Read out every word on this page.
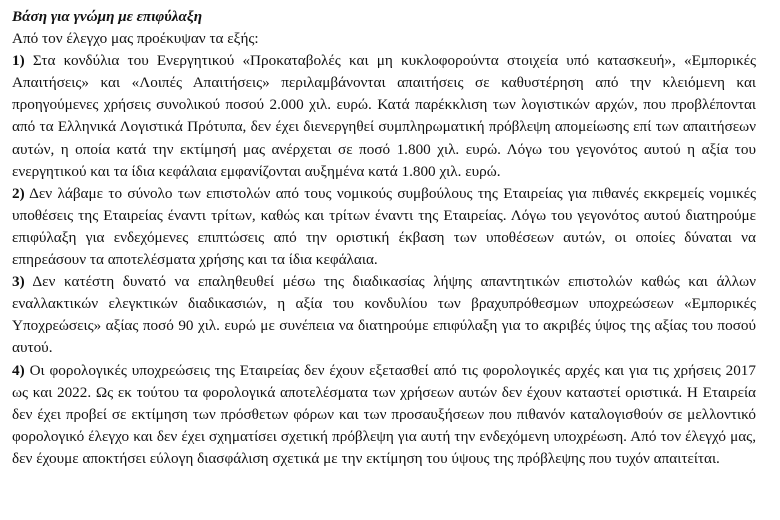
Βάση για γνώμη με επιφύλαξη
Από τον έλεγχο μας προέκυψαν τα εξής:

1) Στα κονδύλια του Ενεργητικού «Προκαταβολές και μη κυκλοφορούντα στοιχεία υπό κατασκευή», «Εμπορικές Απαιτήσεις» και «Λοιπές Απαιτήσεις» περιλαμβάνονται απαιτήσεις σε καθυστέρηση από την κλειόμενη και προηγούμενες χρήσεις συνολικού ποσού 2.000 χιλ. ευρώ. Κατά παρέκκλιση των λογιστικών αρχών, που προβλέπονται από τα Ελληνικά Λογιστικά Πρότυπα, δεν έχει διενεργηθεί συμπληρωματική πρόβλεψη απομείωσης επί των απαιτήσεων αυτών, η οποία κατά την εκτίμησή μας ανέρχεται σε ποσό 1.800 χιλ. ευρώ. Λόγω του γεγονότος αυτού η αξία του ενεργητικού και τα ίδια κεφάλαια εμφανίζονται αυξημένα κατά 1.800 χιλ. ευρώ.

2) Δεν λάβαμε το σύνολο των επιστολών από τους νομικούς συμβούλους της Εταιρείας για πιθανές εκκρεμείς νομικές υποθέσεις της Εταιρείας έναντι τρίτων, καθώς και τρίτων έναντι της Εταιρείας. Λόγω του γεγονότος αυτού διατηρούμε επιφύλαξη για ενδεχόμενες επιπτώσεις από την οριστική έκβαση των υποθέσεων αυτών, οι οποίες δύναται να επηρεάσουν τα αποτελέσματα χρήσης και τα ίδια κεφάλαια.

3) Δεν κατέστη δυνατό να επαληθευθεί μέσω της διαδικασίας λήψης απαντητικών επιστολών καθώς και άλλων εναλλακτικών ελεγκτικών διαδικασιών, η αξία του κονδυλίου των βραχυπρόθεσμων υποχρεώσεων «Εμπορικές Υποχρεώσεις» αξίας ποσό 90 χιλ. ευρώ με συνέπεια να διατηρούμε επιφύλαξη για το ακριβές ύψος της αξίας του ποσού αυτού.

4) Οι φορολογικές υποχρεώσεις της Εταιρείας δεν έχουν εξετασθεί από τις φορολογικές αρχές και για τις χρήσεις 2017 ως και 2022. Ως εκ τούτου τα φορολογικά αποτελέσματα των χρήσεων αυτών δεν έχουν καταστεί οριστικά. Η Εταιρεία δεν έχει προβεί σε εκτίμηση των πρόσθετων φόρων και των προσαυξήσεων που πιθανόν καταλογισθούν σε μελλοντικό φορολογικό έλεγχο και δεν έχει σχηματίσει σχετική πρόβλεψη για αυτή την ενδεχόμενη υποχρέωση. Από τον έλεγχό μας, δεν έχουμε αποκτήσει εύλογη διασφάλιση σχετικά με την εκτίμηση του ύψους της πρόβλεψης που τυχόν απαιτείται.
